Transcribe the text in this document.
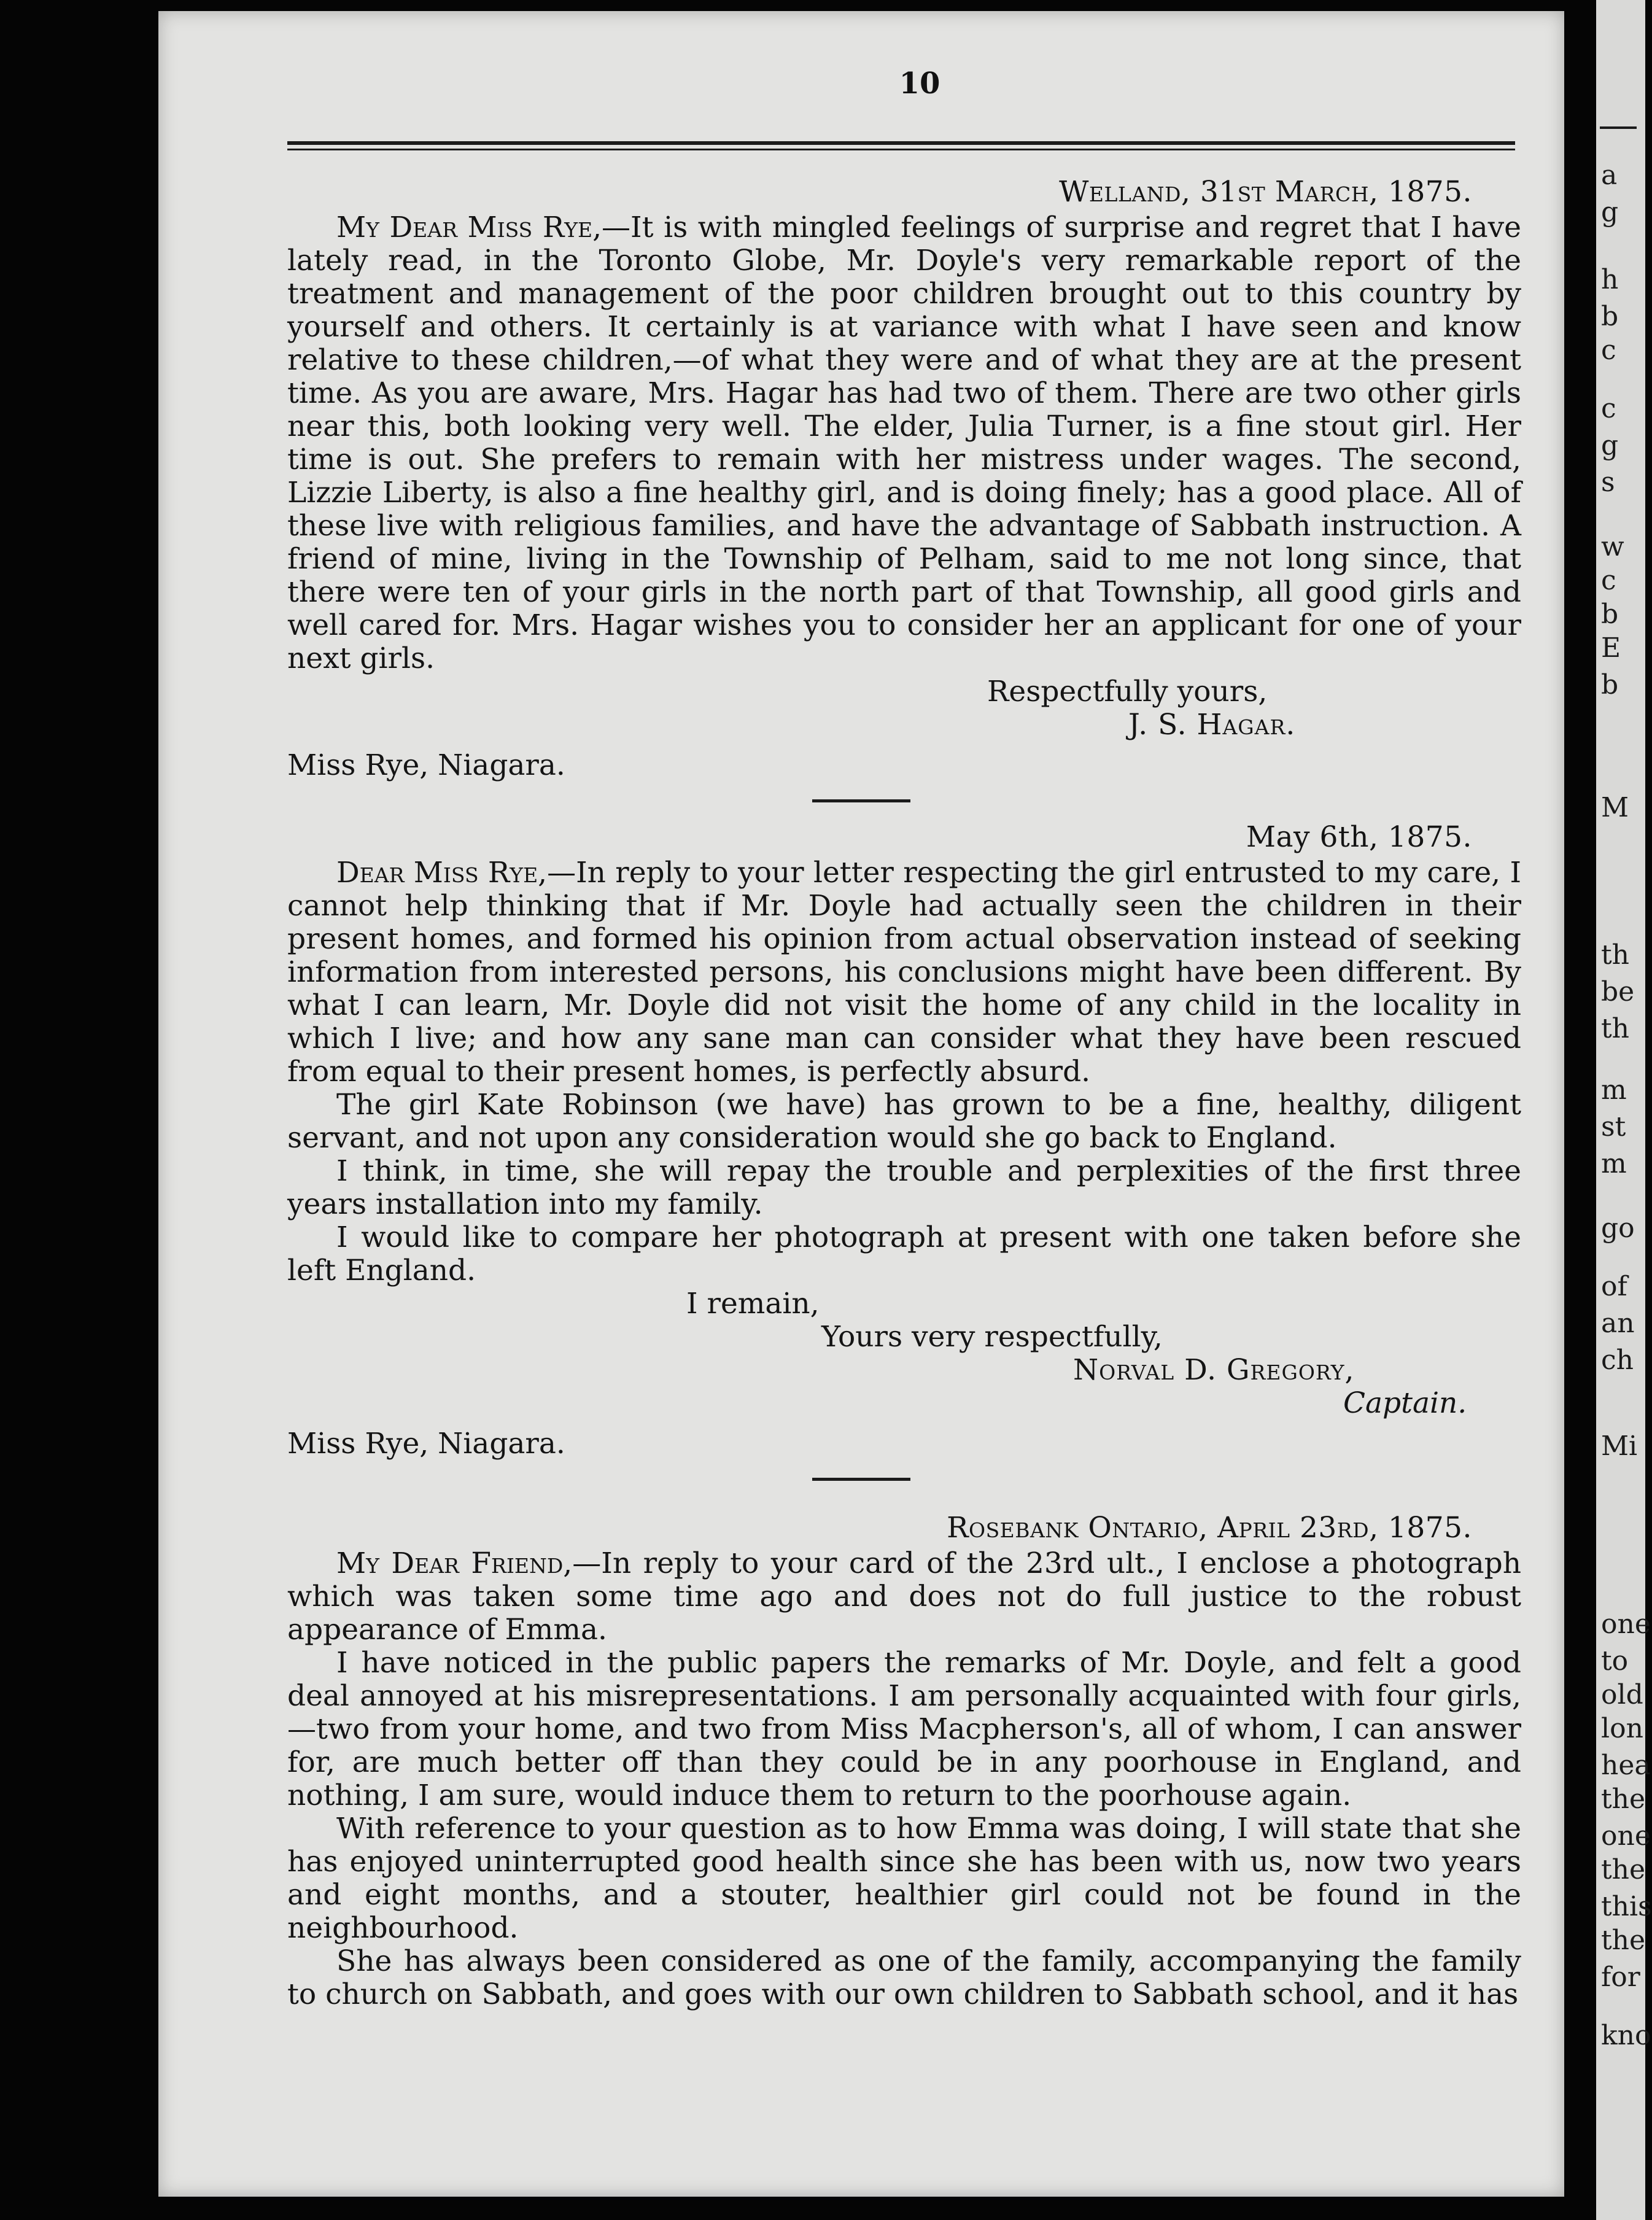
10
Welland, 31st March, 1875.

My Dear Miss Rye,—It is with mingled feelings of surprise and regret that I have lately read, in the Toronto Globe, Mr. Doyle's very remarkable report of the treatment and management of the poor children brought out to this country by yourself and others. It certainly is at variance with what I have seen and know relative to these children,—of what they were and of what they are at the present time. As you are aware, Mrs. Hagar has had two of them. There are two other girls near this, both looking very well. The elder, Julia Turner, is a fine stout girl. Her time is out. She prefers to remain with her mistress under wages. The second, Lizzie Liberty, is also a fine healthy girl, and is doing finely; has a good place. All of these live with religious families, and have the advantage of Sabbath instruction. A friend of mine, living in the Township of Pelham, said to me not long since, that there were ten of your girls in the north part of that Township, all good girls and well cared for. Mrs. Hagar wishes you to consider her an applicant for one of your next girls.

Respectfully yours,
J. S. Hagar.
Miss Rye, Niagara.
May 6th, 1875.

Dear Miss Rye,—In reply to your letter respecting the girl entrusted to my care, I cannot help thinking that if Mr. Doyle had actually seen the children in their present homes, and formed his opinion from actual observation instead of seeking information from interested persons, his conclusions might have been different. By what I can learn, Mr. Doyle did not visit the home of any child in the locality in which I live; and how any sane man can consider what they have been rescued from equal to their present homes, is perfectly absurd.

The girl Kate Robinson (we have) has grown to be a fine, healthy, diligent servant, and not upon any consideration would she go back to England.

I think, in time, she will repay the trouble and perplexities of the first three years installation into my family.

I would like to compare her photograph at present with one taken before she left England.

I remain,
Yours very respectfully,
Norval D. Gregory,
Captain.
Miss Rye, Niagara.
Rosebank Ontario, April 23rd, 1875.

My Dear Friend,—In reply to your card of the 23rd ult., I enclose a photograph which was taken some time ago and does not do full justice to the robust appearance of Emma.

I have noticed in the public papers the remarks of Mr. Doyle, and felt a good deal annoyed at his misrepresentations. I am personally acquainted with four girls, —two from your home, and two from Miss Macpherson's, all of whom, I can answer for, are much better off than they could be in any poorhouse in England, and nothing, I am sure, would induce them to return to the poorhouse again.

With reference to your question as to how Emma was doing, I will state that she has enjoyed uninterrupted good health since she has been with us, now two years and eight months, and a stouter, healthier girl could not be found in the neighbourhood.

She has always been considered as one of the family, accompanying the family to church on Sabbath, and goes with our own children to Sabbath school, and it has

a
g
h
b
c
c
g
s
w
c
b
E
b
M
th
be
th
m
st
m
go
of
an
ch
Mi
one
to
old
lon
hea
the
one
the
this
the
for
kno
